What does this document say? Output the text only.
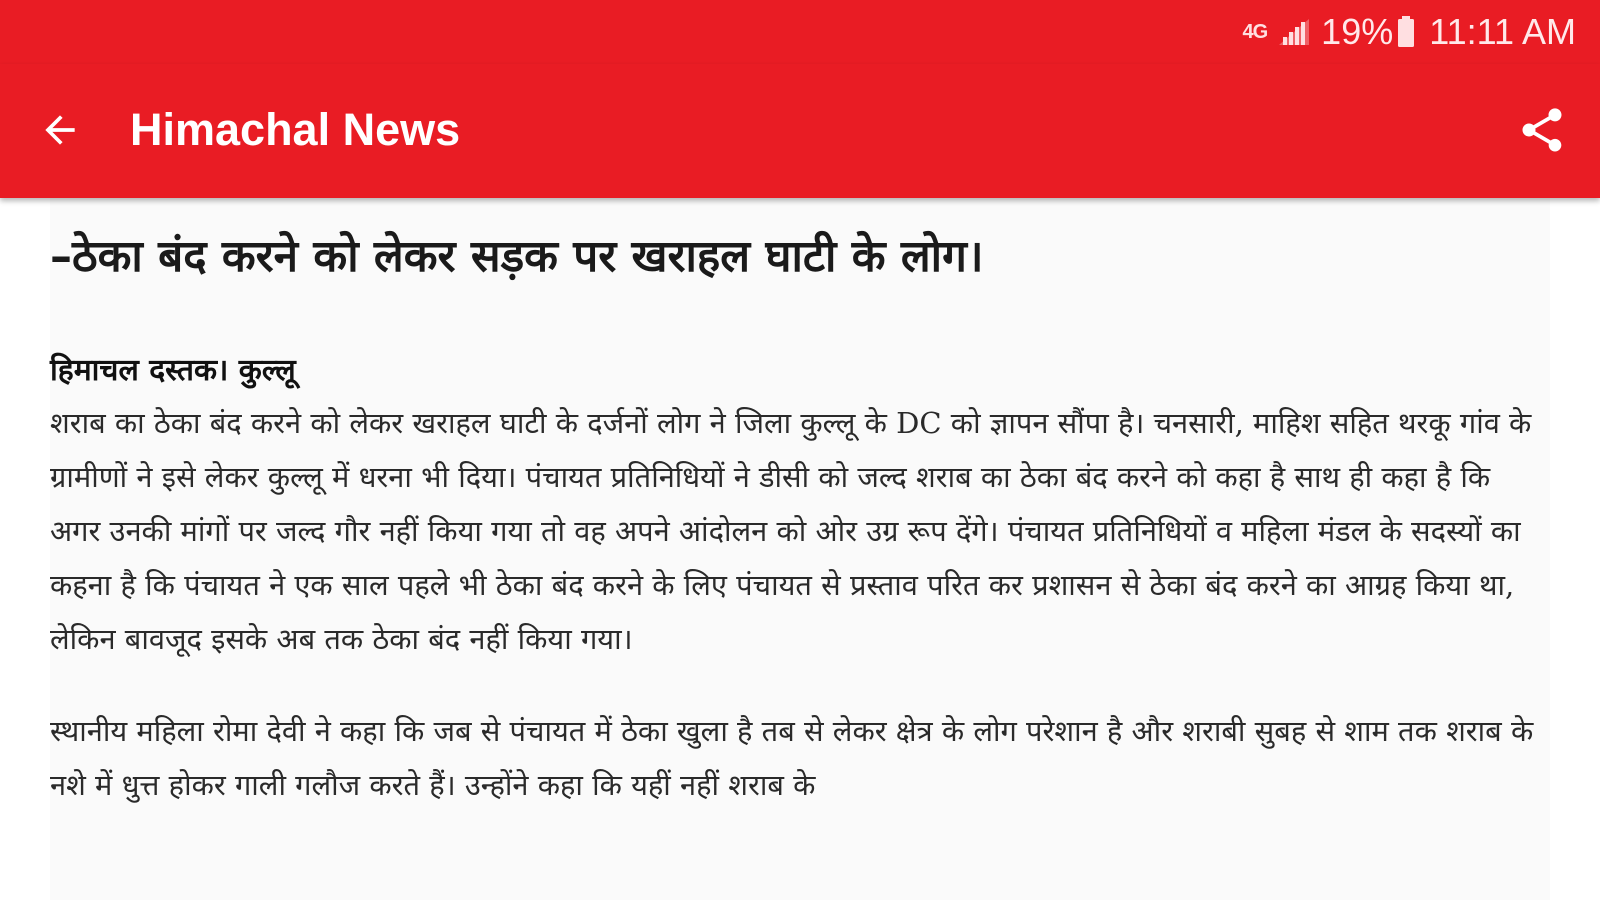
4G 19% 11:11 AM
Himachal News
–ठेका बंद करने को लेकर सड़क पर खराहल घाटी के लोग।
हिमाचल दस्तक। कुल्लू

शराब का ठेका बंद करने को लेकर खराहल घाटी के दर्जनों लोग ने जिला कुल्लू के DC को ज्ञापन सौंपा है। चनसारी, माहिश सहित थरकू गांव के ग्रामीणों ने इसे लेकर कुल्लू में धरना भी दिया। पंचायत प्रतिनिधियों ने डीसी को जल्द शराब का ठेका बंद करने को कहा है साथ ही कहा है कि अगर उनकी मांगों पर जल्द गौर नहीं किया गया तो वह अपने आंदोलन को ओर उग्र रूप देंगे। पंचायत प्रतिनिधियों व महिला मंडल के सदस्यों का कहना है कि पंचायत ने एक साल पहले भी ठेका बंद करने के लिए पंचायत से प्रस्ताव परित कर प्रशासन से ठेका बंद करने का आग्रह किया था, लेकिन बावजूद इसके अब तक ठेका बंद नहीं किया गया।

स्थानीय महिला रोमा देवी ने कहा कि जब से पंचायत में ठेका खुला है तब से लेकर क्षेत्र के लोग परेशान है और शराबी सुबह से शाम तक शराब के नशे में धुत्त होकर गाली गलौज करते हैं। उन्होंने कहा कि यहीं नहीं शराब के
